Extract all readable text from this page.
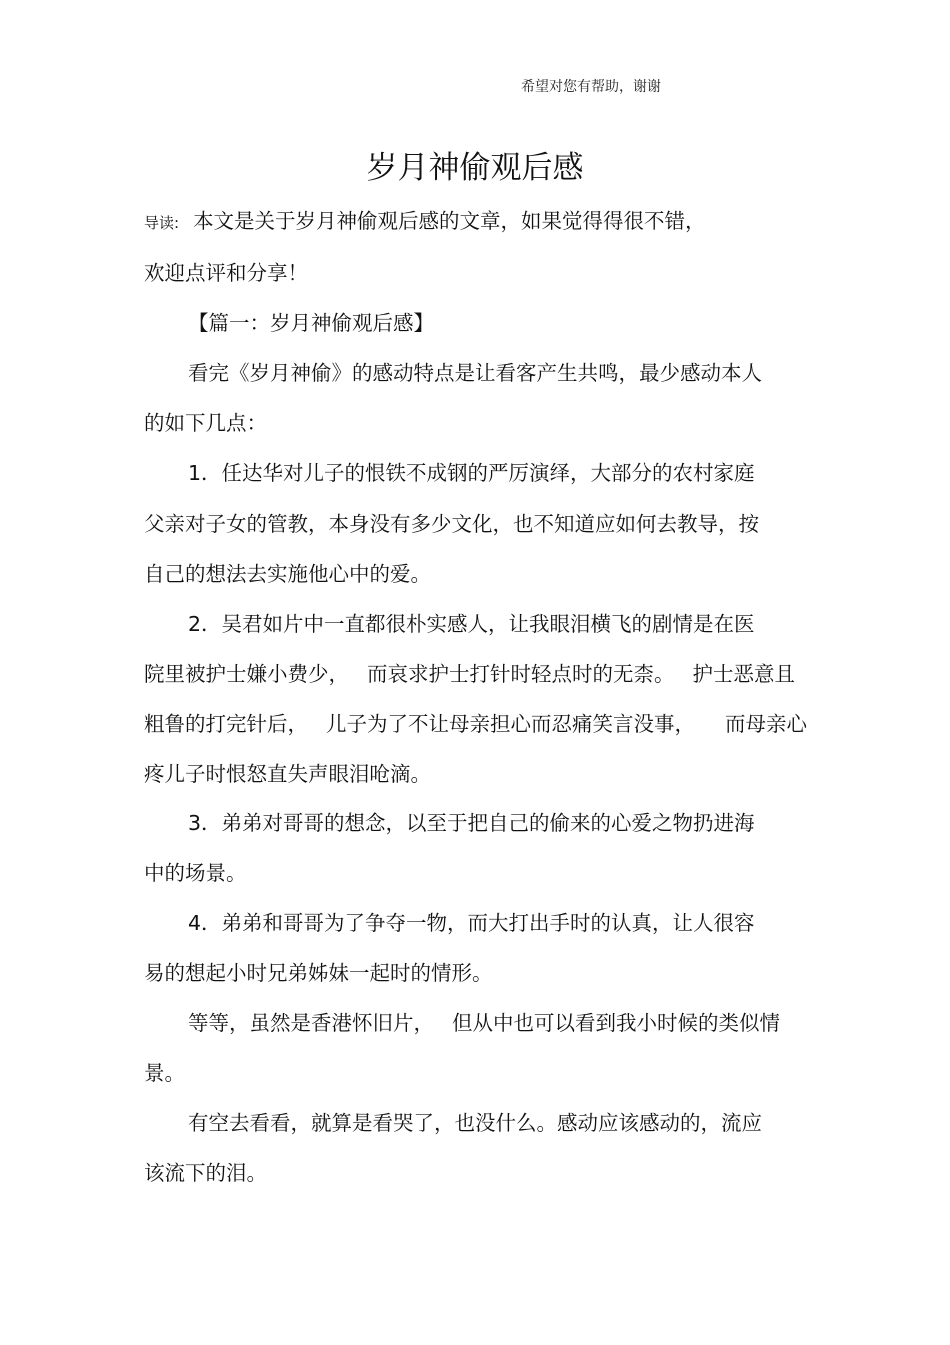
希望对您有帮助，谢谢
岁月神偷观后感
导读: 本文是关于岁月神偷观后感的文章，如果觉得得很不错，
欢迎点评和分享！
【篇一：岁月神偷观后感】
看完《岁月神偷》的感动特点是让看客产生共鸣，最少感动本人
的如下几点：
1．任达华对儿子的恨铁不成钢的严厉演绎，大部分的农村家庭
父亲对子女的管教，本身没有多少文化，也不知道应如何去教导，按
自己的想法去实施他心中的爱。
2．吴君如片中一直都很朴实感人，让我眼泪横飞的剧情是在医
院里被护士嫌小费少， 而哀求护士打针时轻点时的无柰。 护士恶意且
粗鲁的打完针后， 儿子为了不让母亲担心而忍痛笑言没事， 而母亲心
疼儿子时恨怒直失声眼泪呛滴。
3．弟弟对哥哥的想念，以至于把自己的偷来的心爱之物扔进海
中的场景。
4．弟弟和哥哥为了争夺一物，而大打出手时的认真，让人很容
易的想起小时兄弟姊妹一起时的情形。
等等，虽然是香港怀旧片， 但从中也可以看到我小时候的类似情
景。
有空去看看，就算是看哭了，也没什么。感动应该感动的，流应
该流下的泪。
